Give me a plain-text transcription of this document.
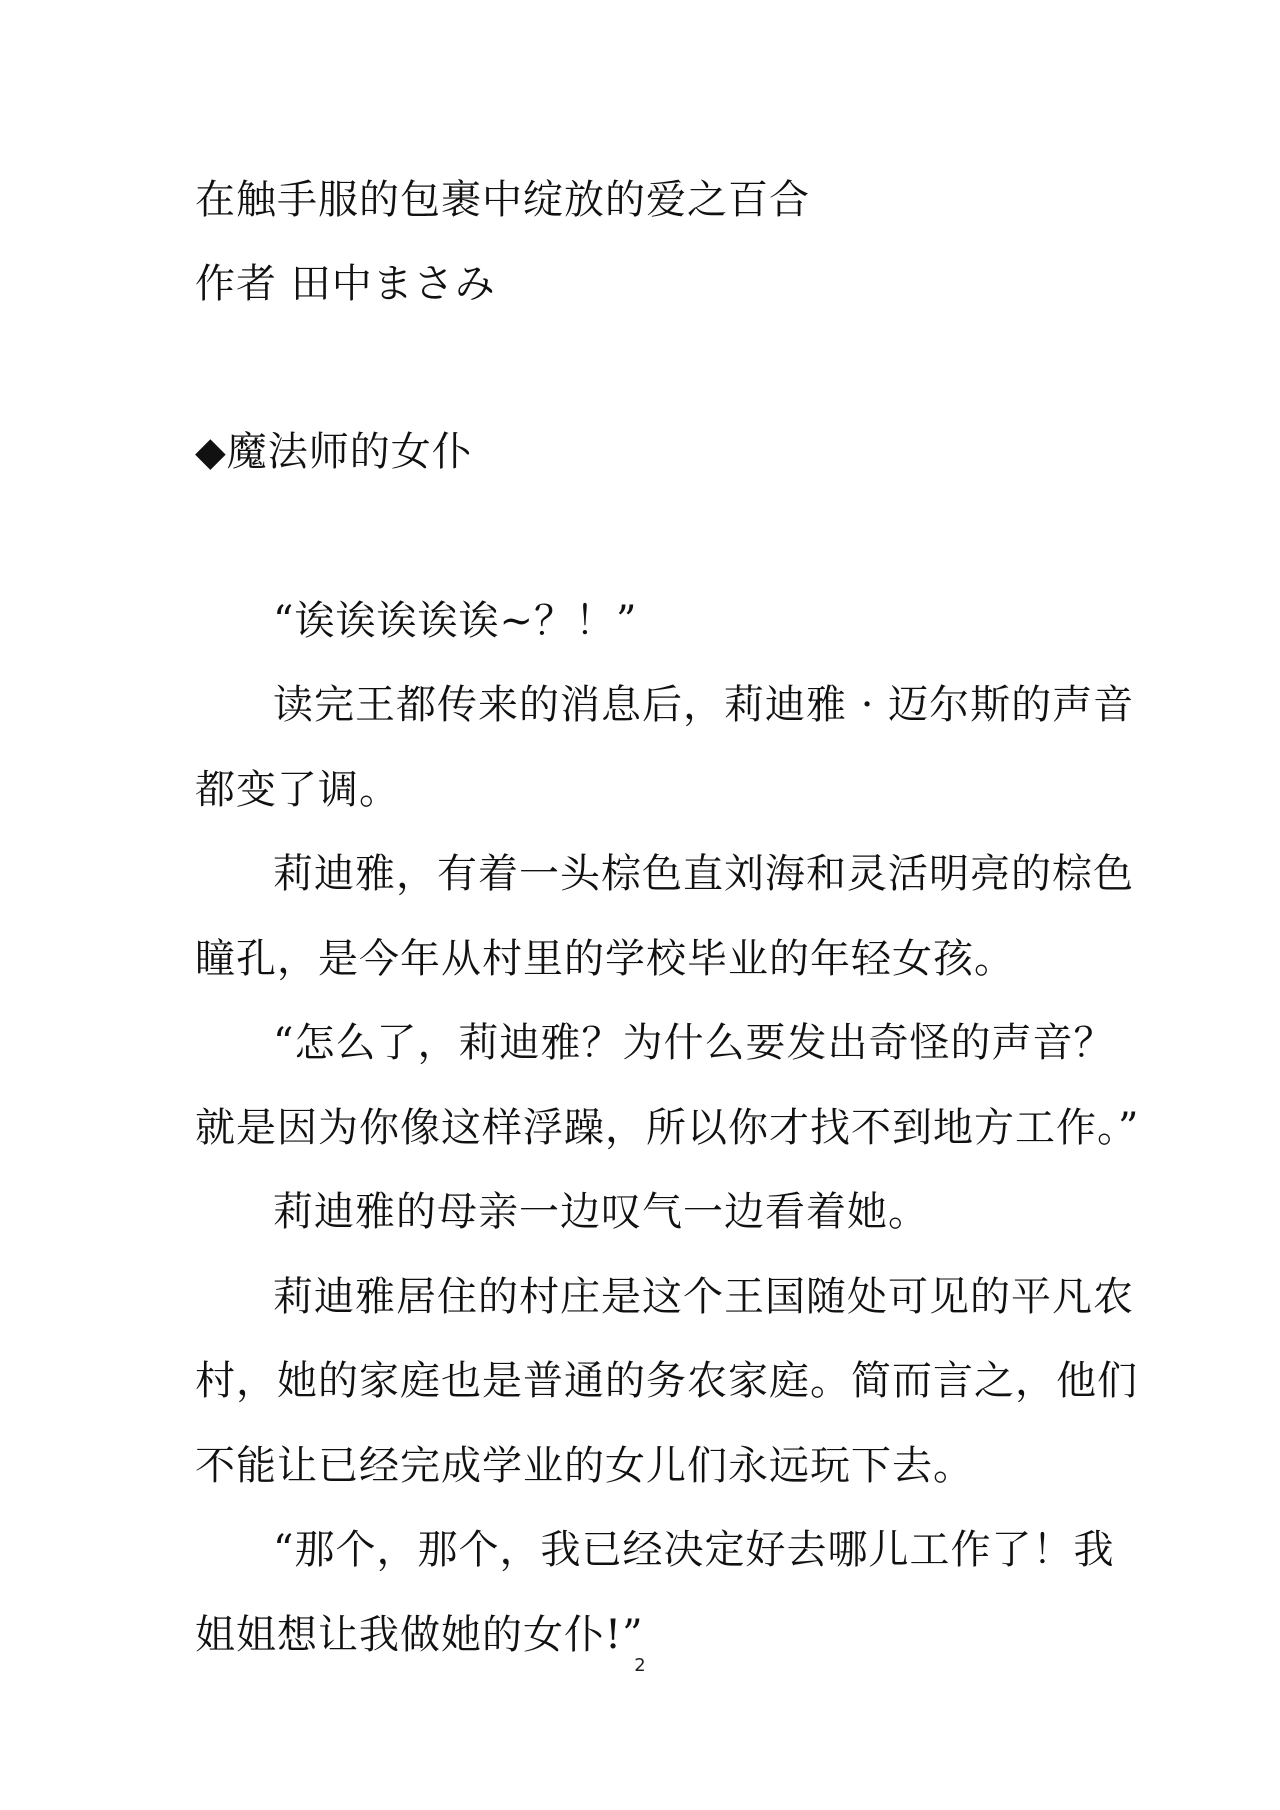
在触手服的包裹中绽放的爱之百合
作者 田中まさみ
◆魔法师的女仆
“诶诶诶诶诶~？！”
读完王都传来的消息后，莉迪雅 · 迈尔斯的声音
都变了调。
莉迪雅，有着一头棕色直刘海和灵活明亮的棕色
瞳孔，是今年从村里的学校毕业的年轻女孩。
“怎么了，莉迪雅？为什么要发出奇怪的声音？
就是因为你像这样浮躁，所以你才找不到地方工作。”
莉迪雅的母亲一边叹气一边看着她。
莉迪雅居住的村庄是这个王国随处可见的平凡农
村，她的家庭也是普通的务农家庭。简而言之，他们
不能让已经完成学业的女儿们永远玩下去。
“那个，那个，我已经决定好去哪儿工作了！我
姐姐想让我做她的女仆!”
2
